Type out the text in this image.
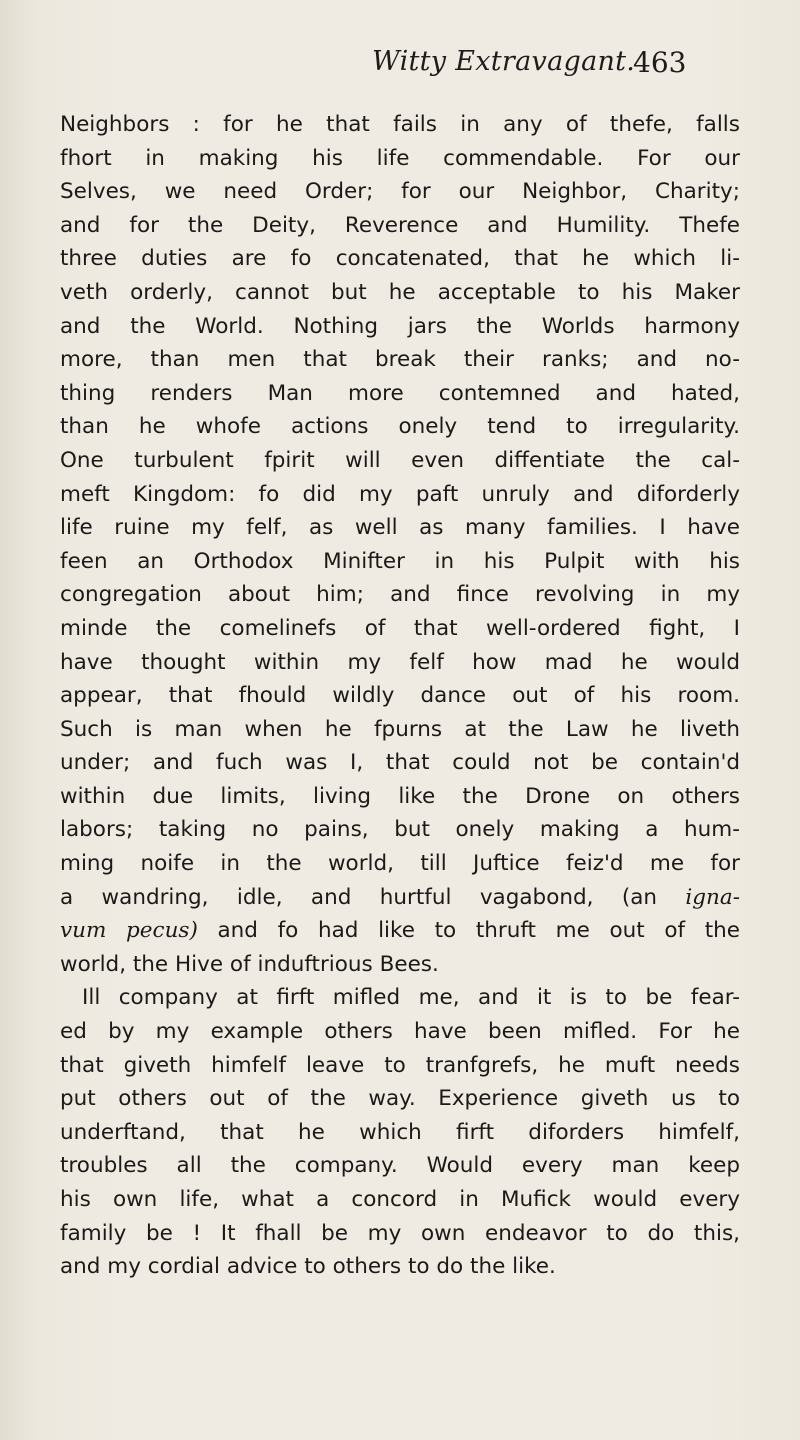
Witty Extravagant.
463
Neighbors : for he that fails in any of thefe, falls
fhort in making his life commendable. For our
Selves, we need Order; for our Neighbor, Charity;
and for the Deity, Reverence and Humility. Thefe
three duties are fo concatenated, that he which li-
veth orderly, cannot but he acceptable to his Maker
and the World. Nothing jars the Worlds harmony
more, than men that break their ranks; and no-
thing renders Man more contemned and hated,
than he whofe actions onely tend to irregularity.
One turbulent fpirit will even diffentiate the cal-
meft Kingdom: fo did my paft unruly and diforderly
life ruine my felf, as well as many families. I have
feen an Orthodox Minifter in his Pulpit with his
congregation about him; and fince revolving in my
minde the comelinefs of that well-ordered fight, I
have thought within my felf how mad he would
appear, that fhould wildly dance out of his room.
Such is man when he fpurns at the Law he liveth
under; and fuch was I, that could not be contain'd
within due limits, living like the Drone on others
labors; taking no pains, but onely making a hum-
ming noife in the world, till Juftice feiz'd me for
a wandring, idle, and hurtful vagabond, (an igna-
vum pecus) and fo had like to thruft me out of the
world, the Hive of induftrious Bees.
Ill company at firft mifled me, and it is to be fear-
ed by my example others have been mifled. For he
that giveth himfelf leave to tranfgrefs, he muft needs
put others out of the way. Experience giveth us to
underftand, that he which firft diforders himfelf,
troubles all the company. Would every man keep
his own life, what a concord in Mufick would every
family be ! It fhall be my own endeavor to do this,
and my cordial advice to others to do the like.
